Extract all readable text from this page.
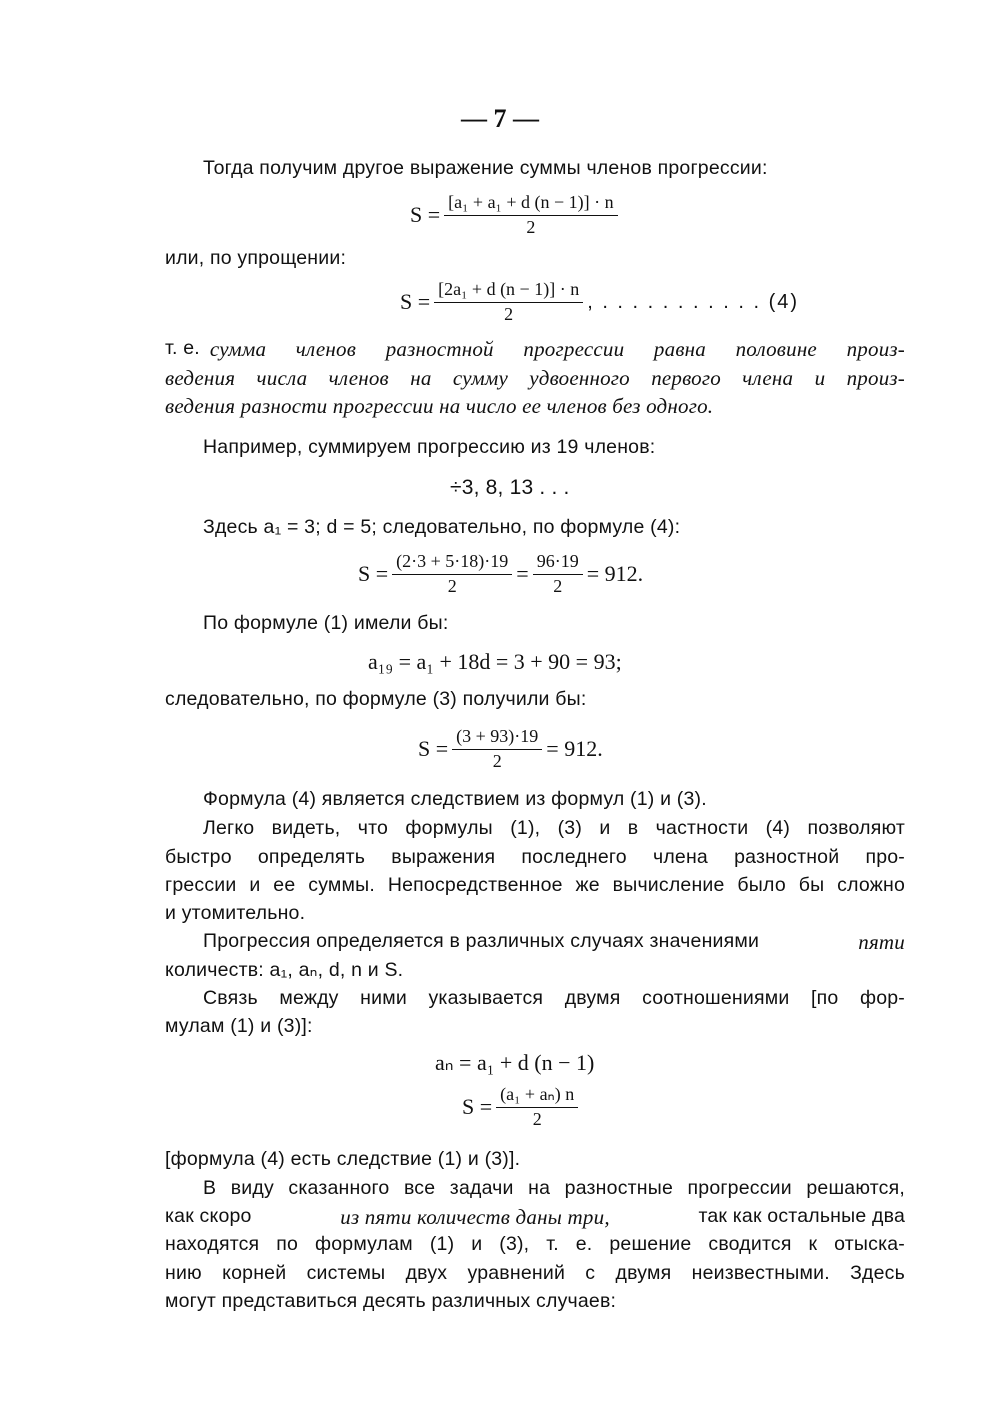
— 7 —
Тогда получим другое выражение суммы членов прогрессии:
$S = \frac{\text{[a₁ + a₁ + d (n − 1)] · n}}{2}$
или, по упрощении:
$S = \frac{\text{[2a₁ + d (n − 1)] · n}}{2}$ , . . . . . . . . . . . (4)
т. е. сумма членов разностной прогрессии равна половине произ-
ведения числа членов на сумму удвоенного первого члена и произ-
ведения разности прогрессии на число ее членов без одного.
Например, суммируем прогрессию из 19 членов:
÷3, 8, 13 . . .
Здесь a₁ = 3; d = 5; следовательно, по формуле (4):
$S = \frac{(2\cdot 3 + 5\cdot 18)\cdot 19}{2} = \frac{96\cdot 19}{2} = 912$.
По формуле (1) имели бы:
a₁₉ = a₁ + 18d = 3 + 90 = 93;
следовательно, по формуле (3) получили бы:
$S = \frac{(3 + 93)\cdot 19}{2} = 912$.
Формула (4) является следствием из формул (1) и (3).
Легко видеть, что формулы (1), (3) и в частности (4) позволяют
быстро определять выражения последнего члена разностной про-
грессии и ее суммы. Непосредственное же вычисление было бы сложно
и утомительно.
Прогрессия определяется в различных случаях значениями	пяти
количеств: a₁, aₙ, d, n и S.
Связь между ними указывается двумя соотношениями [по фор-
мулам (1) и (3)]:
aₙ = a₁ + d (n − 1)
$S = \frac{\text{(a₁ + aₙ) n}}{2}$
[формула (4) есть следствие (1) и (3)].
В виду сказанного все задачи на разностные прогрессии решаются,
как скоро	из пяти количеств даны три,	так как остальные два
находятся по формулам (1) и (3), т. е. решение сводится к отыска-
нию корней системы двух уравнений с двумя неизвестными. Здесь
могут представиться десять различных случаев:
